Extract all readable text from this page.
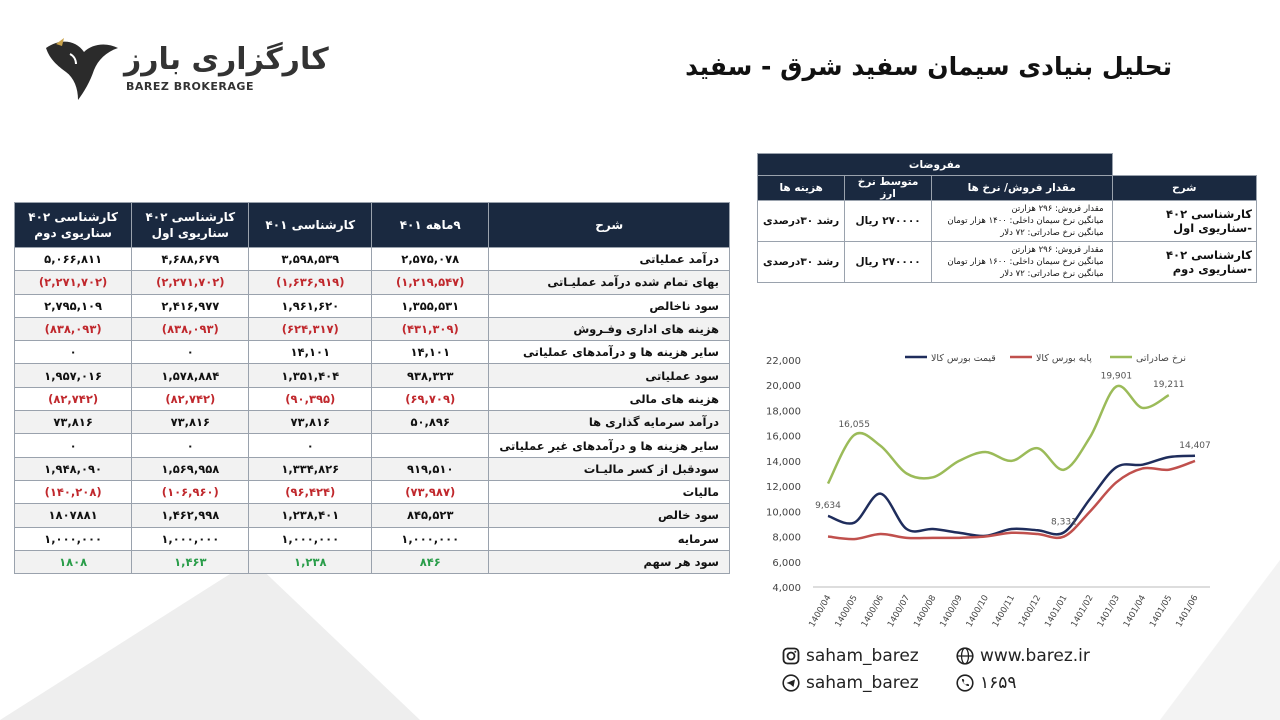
کارگزاری بارز
BAREZ BROKERAGE
تحلیل بنیادی سیمان سفید شرق - سفید
	مفروضات		
شرح	مقدار فروش/ نرخ ها	متوسط نرخ ارز	هزینه ها
کارشناسی ۴۰۲ -سناریوی اول	مقدار فروش: ۲۹۶ هزارتن
میانگین نرخ سیمان داخلی: ۱۴۰۰ هزار تومان
میانگین نرخ صادراتی: ۷۲ دلار	۲۷۰۰۰۰ ریال	رشد ۳۰درصدی
کارشناسی ۴۰۲ -سناریوی دوم	مقدار فروش: ۲۹۶ هزارتن
میانگین نرخ سیمان داخلی: ۱۶۰۰ هزار تومان
میانگین نرخ صادراتی: ۷۲ دلار	۲۷۰۰۰۰ ریال	رشد ۳۰درصدی
شرح	۹ماهه ۴۰۱	کارشناسی ۴۰۱	کارشناسی ۴۰۲ سناریوی اول	کارشناسی ۴۰۲ سناریوی دوم
درآمد عملیاتی	۲,۵۷۵,۰۷۸	۳,۵۹۸,۵۳۹	۴,۶۸۸,۶۷۹	۵,۰۶۶,۸۱۱
بهای تمام شده درآمد عملیـاتی	(۱,۲۱۹,۵۴۷)	(۱,۶۳۶,۹۱۹)	(۲,۲۷۱,۷۰۲)	(۲,۲۷۱,۷۰۲)
سود ناخالص	۱,۳۵۵,۵۳۱	۱,۹۶۱,۶۲۰	۲,۴۱۶,۹۷۷	۲,۷۹۵,۱۰۹
هزینه های اداری وفـروش	(۴۳۱,۳۰۹)	(۶۲۴,۳۱۷)	(۸۳۸,۰۹۳)	(۸۳۸,۰۹۳)
سایر هزینه ها و درآمدهای عملیاتی	۱۴,۱۰۱	۱۴,۱۰۱	۰	۰
سود عملیاتی	۹۳۸,۳۲۳	۱,۳۵۱,۴۰۴	۱,۵۷۸,۸۸۴	۱,۹۵۷,۰۱۶
هزینه های مالی	(۶۹,۷۰۹)	(۹۰,۳۹۵)	(۸۲,۷۴۲)	(۸۲,۷۴۲)
درآمد سرمایه گذاری ها	۵۰,۸۹۶	۷۳,۸۱۶	۷۳,۸۱۶	۷۳,۸۱۶
سایر هزینه ها و درآمدهای غیر عملیاتی		۰	۰	۰
سودقبل از کسر مالیـات	۹۱۹,۵۱۰	۱,۳۳۴,۸۲۶	۱,۵۶۹,۹۵۸	۱,۹۴۸,۰۹۰
مالیات	(۷۳,۹۸۷)	(۹۶,۴۲۴)	(۱۰۶,۹۶۰)	(۱۴۰,۲۰۸)
سود خالص	۸۴۵,۵۲۳	۱,۲۳۸,۴۰۱	۱,۴۶۲,۹۹۸	۱۸۰۷۸۸۱
سرمایه	۱,۰۰۰,۰۰۰	۱,۰۰۰,۰۰۰	۱,۰۰۰,۰۰۰	۱,۰۰۰,۰۰۰
سود هر سهم	۸۴۶	۱,۲۳۸	۱,۴۶۳	۱۸۰۸
4,000
6,000
8,000
10,000
12,000
14,000
16,000
18,000
20,000
22,000
1400/04 1400/05 1400/06 1400/07 1400/08 1400/09 1400/10 1400/11 1400/12 1401/01 1401/02 1401/03 1401/04 1401/05 1401/06
9,634
16,055
8,331
19,901
19,211
14,407
قیمت بورس کالا	پایه بورس کالا	نرخ صادراتی
saham_barez
saham_barez
www.barez.ir
۱۶۵۹
